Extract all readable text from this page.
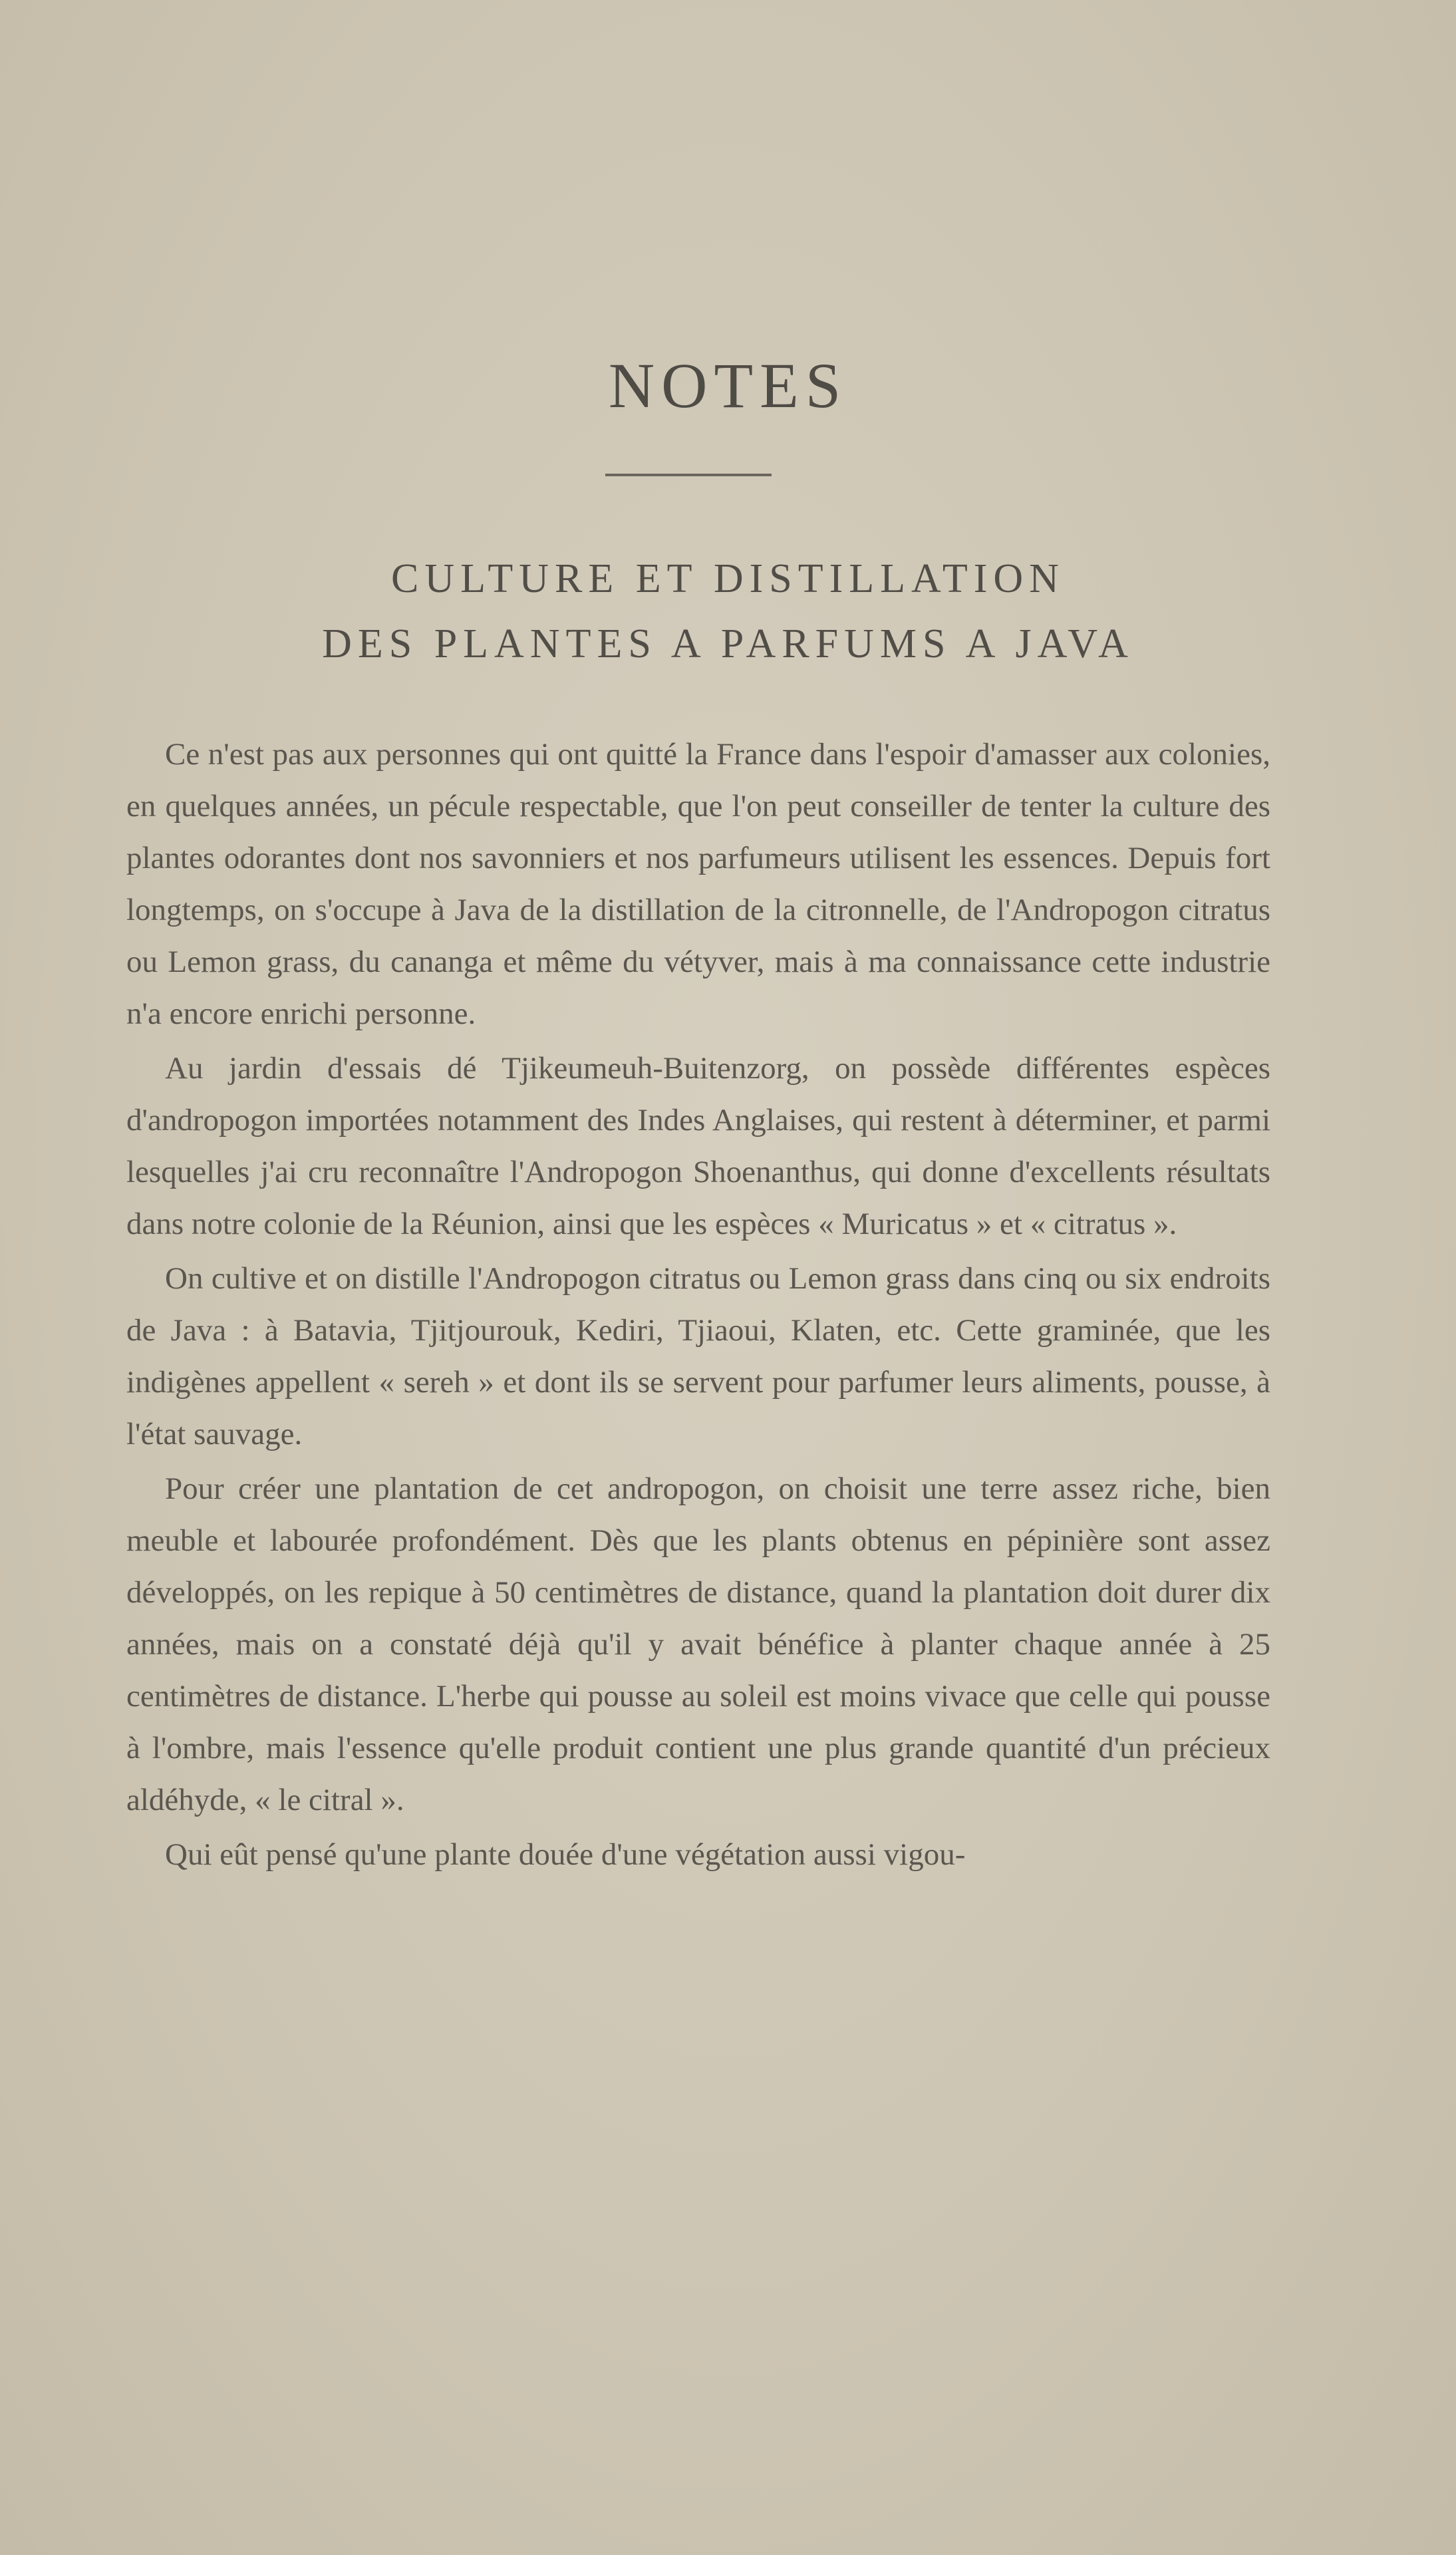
NOTES
CULTURE ET DISTILLATION
DES PLANTES A PARFUMS A JAVA

Ce n'est pas aux personnes qui ont quitté la France dans l'espoir d'amasser aux colonies, en quelques années, un pécule respectable, que l'on peut conseiller de tenter la culture des plantes odorantes dont nos savonniers et nos parfumeurs utilisent les essences. Depuis fort longtemps, on s'occupe à Java de la distillation de la citronnelle, de l'Andropogon citratus ou Lemon grass, du cananga et même du vétyver, mais à ma connaissance cette industrie n'a encore enrichi personne.

Au jardin d'essais dé Tjikeumeuh-Buitenzorg, on possède différentes espèces d'andropogon importées notamment des Indes Anglaises, qui restent à déterminer, et parmi lesquelles j'ai cru reconnaître l'Andropogon Shoenanthus, qui donne d'excellents résultats dans notre colonie de la Réunion, ainsi que les espèces « Muricatus » et « citratus ».

On cultive et on distille l'Andropogon citratus ou Lemon grass dans cinq ou six endroits de Java : à Batavia, Tjitjourouk, Kediri, Tjiaoui, Klaten, etc. Cette graminée, que les indigènes appellent « sereh » et dont ils se servent pour parfumer leurs aliments, pousse, à l'état sauvage.

Pour créer une plantation de cet andropogon, on choisit une terre assez riche, bien meuble et labourée profondément. Dès que les plants obtenus en pépinière sont assez développés, on les repique à 50 centimètres de distance, quand la plantation doit durer dix années, mais on a constaté déjà qu'il y avait bénéfice à planter chaque année à 25 centimètres de distance. L'herbe qui pousse au soleil est moins vivace que celle qui pousse à l'ombre, mais l'essence qu'elle produit contient une plus grande quantité d'un précieux aldéhyde, « le citral ».

Qui eût pensé qu'une plante douée d'une végétation aussi vigou-
